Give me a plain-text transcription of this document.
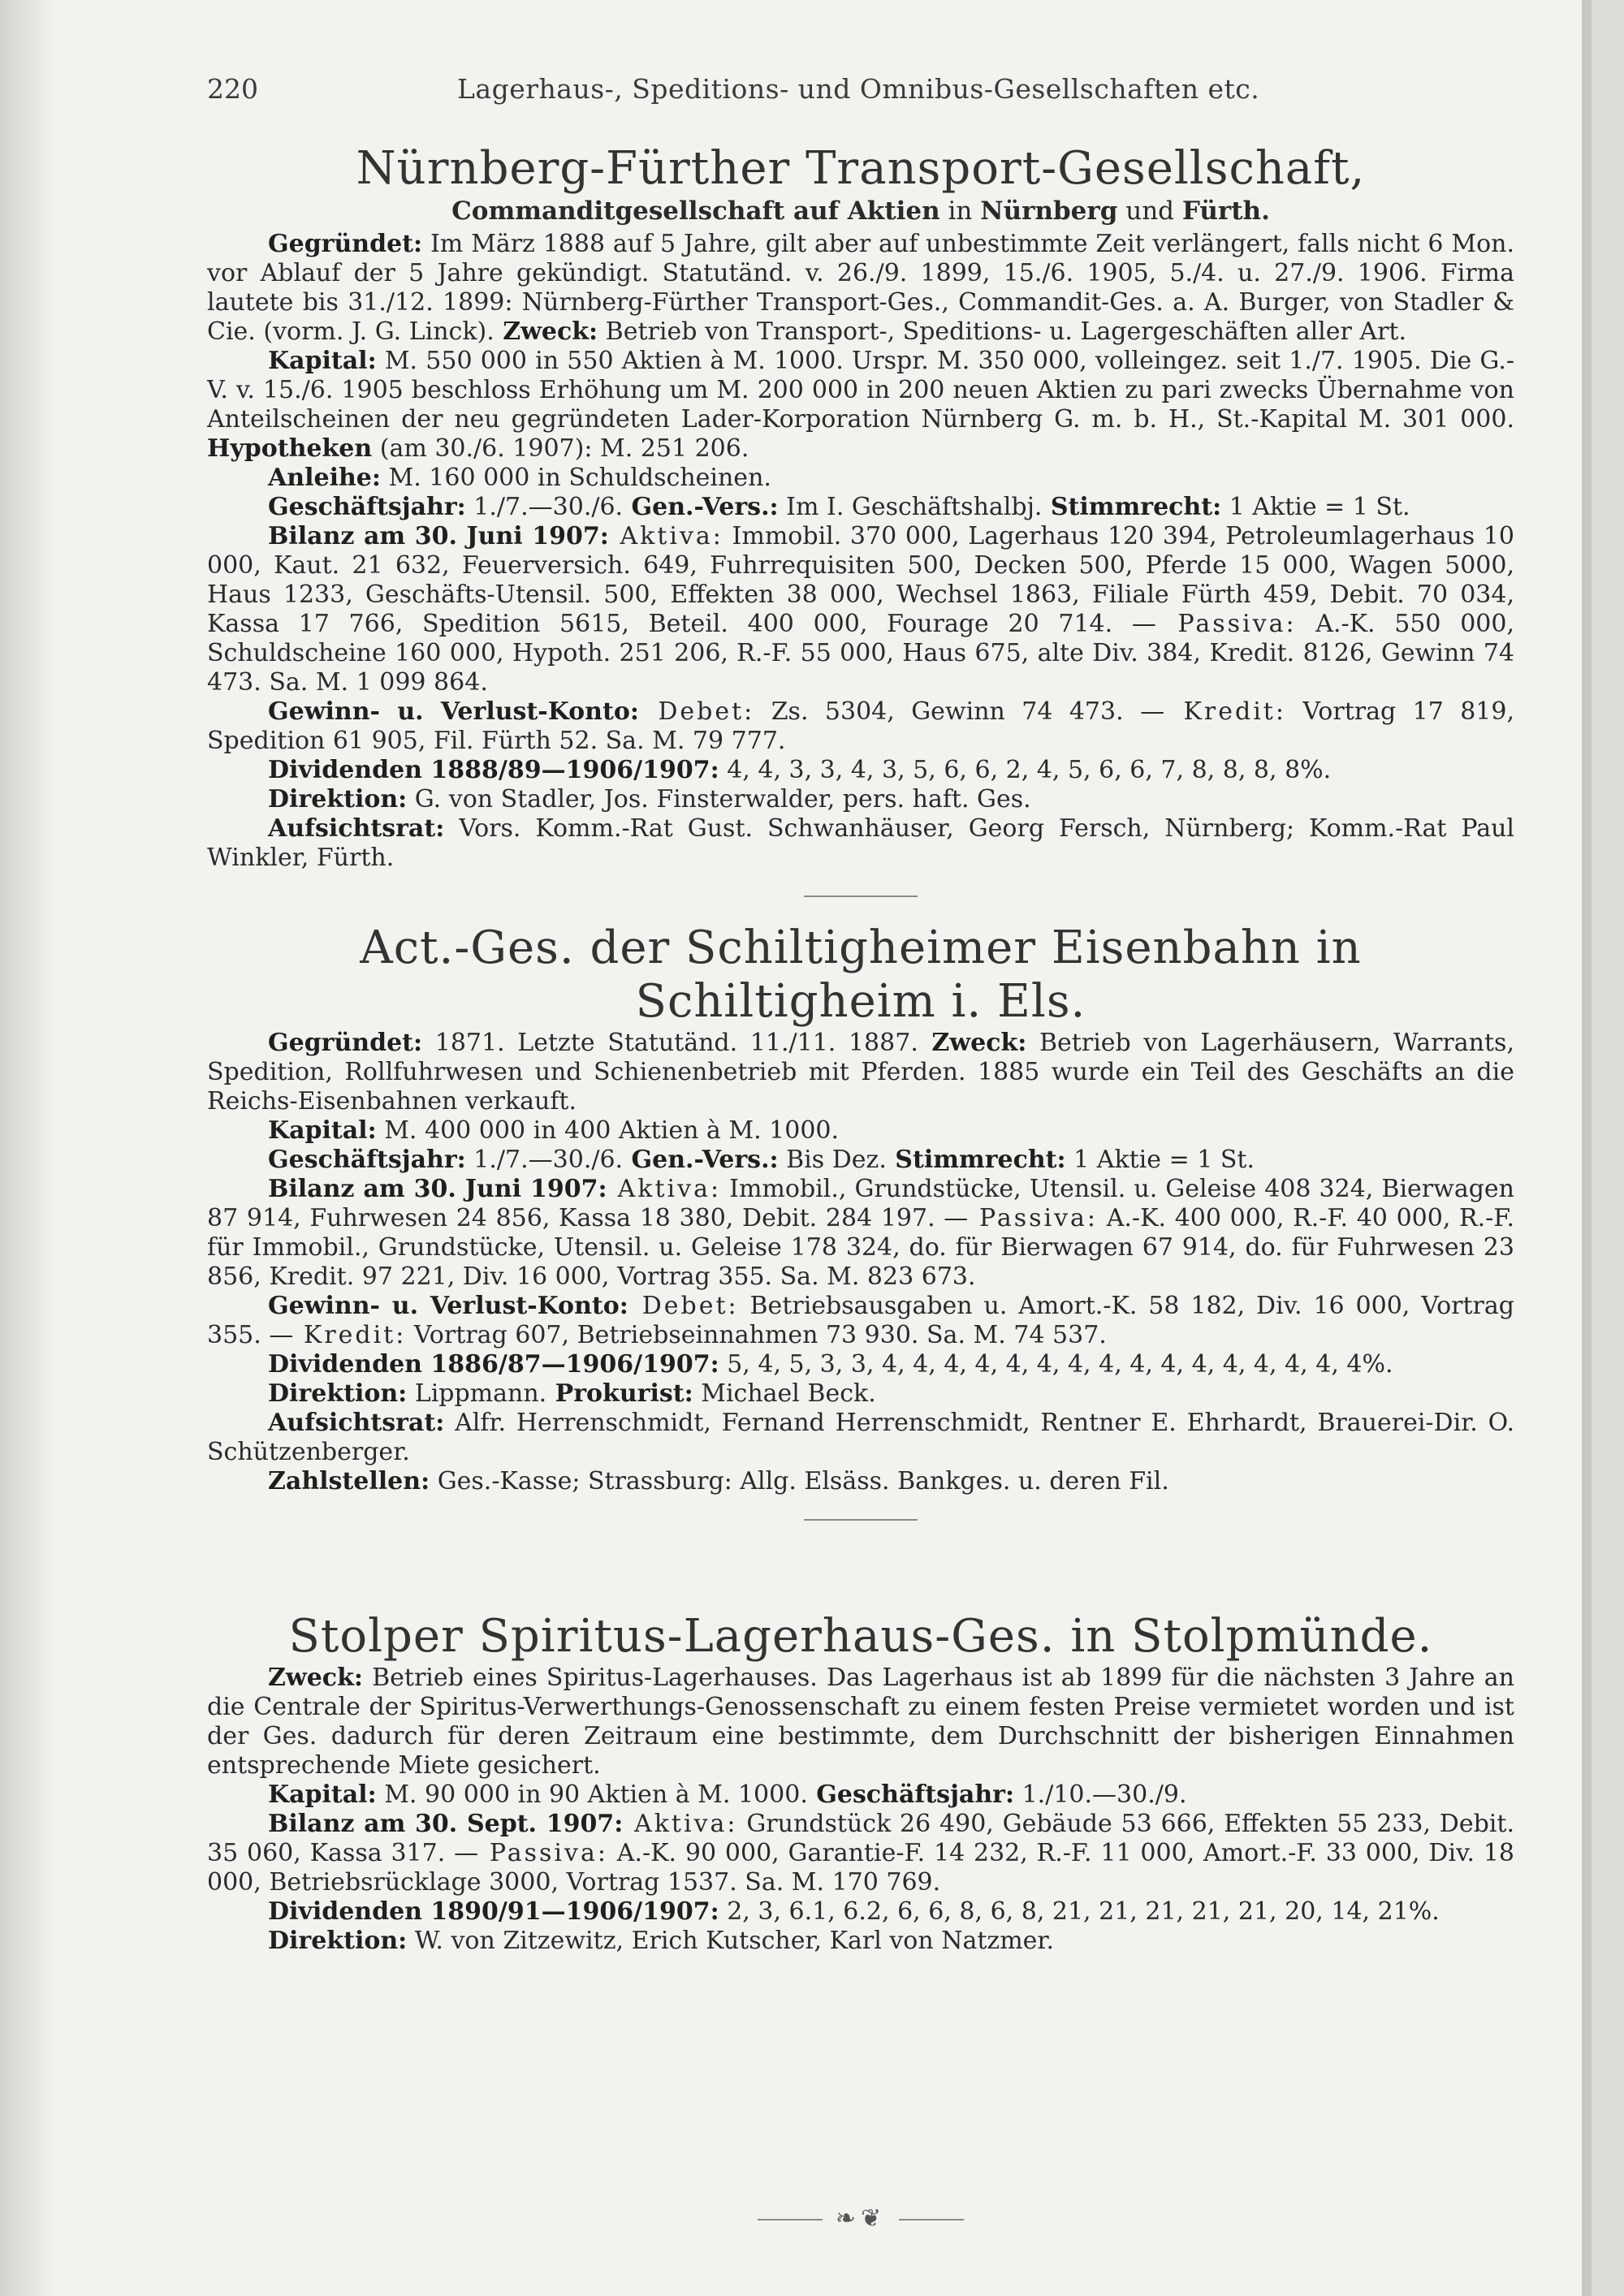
220	Lagerhaus-, Speditions- und Omnibus-Gesellschaften etc.
Nürnberg-Fürther Transport-Gesellschaft,
Commanditgesellschaft auf Aktien in Nürnberg und Fürth.

Gegründet: Im März 1888 auf 5 Jahre, gilt aber auf unbestimmte Zeit verlängert, falls nicht 6 Mon. vor Ablauf der 5 Jahre gekündigt. Statutänd. v. 26./9. 1899, 15./6. 1905, 5./4. u. 27./9. 1906. Firma lautete bis 31./12. 1899: Nürnberg-Fürther Transport-Ges., Commandit-Ges. a. A. Burger, von Stadler & Cie. (vorm. J. G. Linck). Zweck: Betrieb von Transport-, Speditions- u. Lagergeschäften aller Art.

Kapital: M. 550 000 in 550 Aktien à M. 1000. Urspr. M. 350 000, volleingez. seit 1./7. 1905. Die G.-V. v. 15./6. 1905 beschloss Erhöhung um M. 200 000 in 200 neuen Aktien zu pari zwecks Übernahme von Anteilscheinen der neu gegründeten Lader-Korporation Nürnberg G. m. b. H., St.-Kapital M. 301 000. Hypotheken (am 30./6. 1907): M. 251 206.

Anleihe: M. 160 000 in Schuldscheinen.

Geschäftsjahr: 1./7.—30./6. Gen.-Vers.: Im I. Geschäftshalbj. Stimmrecht: 1 Aktie = 1 St.

Bilanz am 30. Juni 1907: Aktiva: Immobil. 370 000, Lagerhaus 120 394, Petroleumlagerhaus 10 000, Kaut. 21 632, Feuerversich. 649, Fuhrrequisiten 500, Decken 500, Pferde 15 000, Wagen 5000, Haus 1233, Geschäfts-Utensil. 500, Effekten 38 000, Wechsel 1863, Filiale Fürth 459, Debit. 70 034, Kassa 17 766, Spedition 5615, Beteil. 400 000, Fourage 20 714. — Passiva: A.-K. 550 000, Schuldscheine 160 000, Hypoth. 251 206, R.-F. 55 000, Haus 675, alte Div. 384, Kredit. 8126, Gewinn 74 473. Sa. M. 1 099 864.

Gewinn- u. Verlust-Konto: Debet: Zs. 5304, Gewinn 74 473. — Kredit: Vortrag 17 819, Spedition 61 905, Fil. Fürth 52. Sa. M. 79 777.

Dividenden 1888/89—1906/1907: 4, 4, 3, 3, 4, 3, 5, 6, 6, 2, 4, 5, 6, 6, 7, 8, 8, 8, 8%.

Direktion: G. von Stadler, Jos. Finsterwalder, pers. haft. Ges.

Aufsichtsrat: Vors. Komm.-Rat Gust. Schwanhäuser, Georg Fersch, Nürnberg; Komm.-Rat Paul Winkler, Fürth.

Act.-Ges. der Schiltigheimer Eisenbahn in Schiltigheim i. Els.

Gegründet: 1871. Letzte Statutänd. 11./11. 1887. Zweck: Betrieb von Lagerhäusern, Warrants, Spedition, Rollfuhrwesen und Schienenbetrieb mit Pferden. 1885 wurde ein Teil des Geschäfts an die Reichs-Eisenbahnen verkauft.

Kapital: M. 400 000 in 400 Aktien à M. 1000.

Geschäftsjahr: 1./7.—30./6. Gen.-Vers.: Bis Dez. Stimmrecht: 1 Aktie = 1 St.

Bilanz am 30. Juni 1907: Aktiva: Immobil., Grundstücke, Utensil. u. Geleise 408 324, Bierwagen 87 914, Fuhrwesen 24 856, Kassa 18 380, Debit. 284 197. — Passiva: A.-K. 400 000, R.-F. 40 000, R.-F. für Immobil., Grundstücke, Utensil. u. Geleise 178 324, do. für Bierwagen 67 914, do. für Fuhrwesen 23 856, Kredit. 97 221, Div. 16 000, Vortrag 355. Sa. M. 823 673.

Gewinn- u. Verlust-Konto: Debet: Betriebsausgaben u. Amort.-K. 58 182, Div. 16 000, Vortrag 355. — Kredit: Vortrag 607, Betriebseinnahmen 73 930. Sa. M. 74 537.

Dividenden 1886/87—1906/1907: 5, 4, 5, 3, 3, 4, 4, 4, 4, 4, 4, 4, 4, 4, 4, 4, 4, 4, 4, 4, 4%.

Direktion: Lippmann. Prokurist: Michael Beck.

Aufsichtsrat: Alfr. Herrenschmidt, Fernand Herrenschmidt, Rentner E. Ehrhardt, Brauerei-Dir. O. Schützenberger.

Zahlstellen: Ges.-Kasse; Strassburg: Allg. Elsäss. Bankges. u. deren Fil.

Stolper Spiritus-Lagerhaus-Ges. in Stolpmünde.

Zweck: Betrieb eines Spiritus-Lagerhauses. Das Lagerhaus ist ab 1899 für die nächsten 3 Jahre an die Centrale der Spiritus-Verwerthungs-Genossenschaft zu einem festen Preise vermietet worden und ist der Ges. dadurch für deren Zeitraum eine bestimmte, dem Durchschnitt der bisherigen Einnahmen entsprechende Miete gesichert.

Kapital: M. 90 000 in 90 Aktien à M. 1000. Geschäftsjahr: 1./10.—30./9.

Bilanz am 30. Sept. 1907: Aktiva: Grundstück 26 490, Gebäude 53 666, Effekten 55 233, Debit. 35 060, Kassa 317. — Passiva: A.-K. 90 000, Garantie-F. 14 232, R.-F. 11 000, Amort.-F. 33 000, Div. 18 000, Betriebsrücklage 3000, Vortrag 1537. Sa. M. 170 769.

Dividenden 1890/91—1906/1907: 2, 3, 6.1, 6.2, 6, 6, 8, 6, 8, 21, 21, 21, 21, 21, 20, 14, 21%.

Direktion: W. von Zitzewitz, Erich Kutscher, Karl von Natzmer.

❧❦
